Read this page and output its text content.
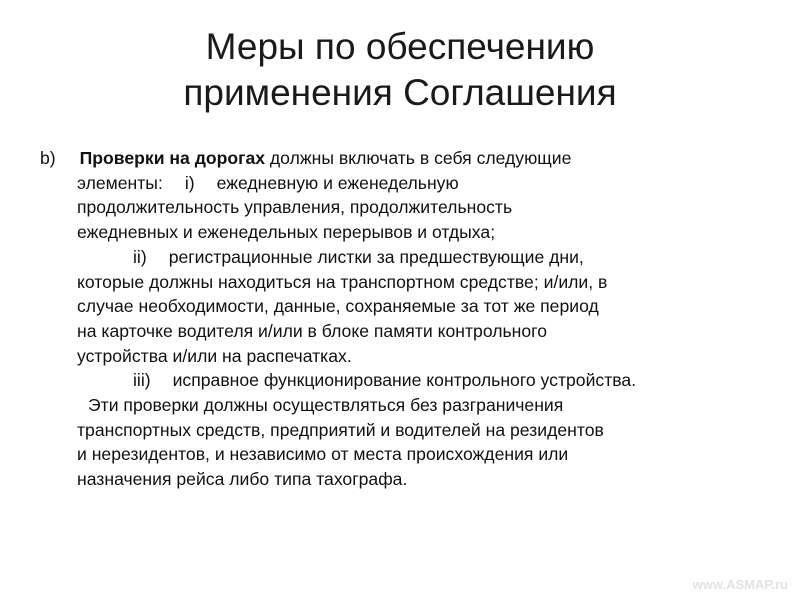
Меры по обеспечению
применения Соглашения
b) Проверки на дорогах должны включать в себя следующие
элементы: i) ежедневную и еженедельную
продолжительность управления, продолжительность
ежедневных и еженедельных перерывов и отдыха;
ii) регистрационные листки за предшествующие дни,
которые должны находиться на транспортном средстве; и/или, в
случае необходимости, данные, сохраняемые за тот же период
на карточке водителя и/или в блоке памяти контрольного
устройства и/или на распечатках.
iii) исправное функционирование контрольного устройства.
Эти проверки должны осуществляться без разграничения
транспортных средств, предприятий и водителей на резидентов
и нерезидентов, и независимо от места происхождения или
назначения рейса либо типа тахографа.
www.ASMAP.ru
